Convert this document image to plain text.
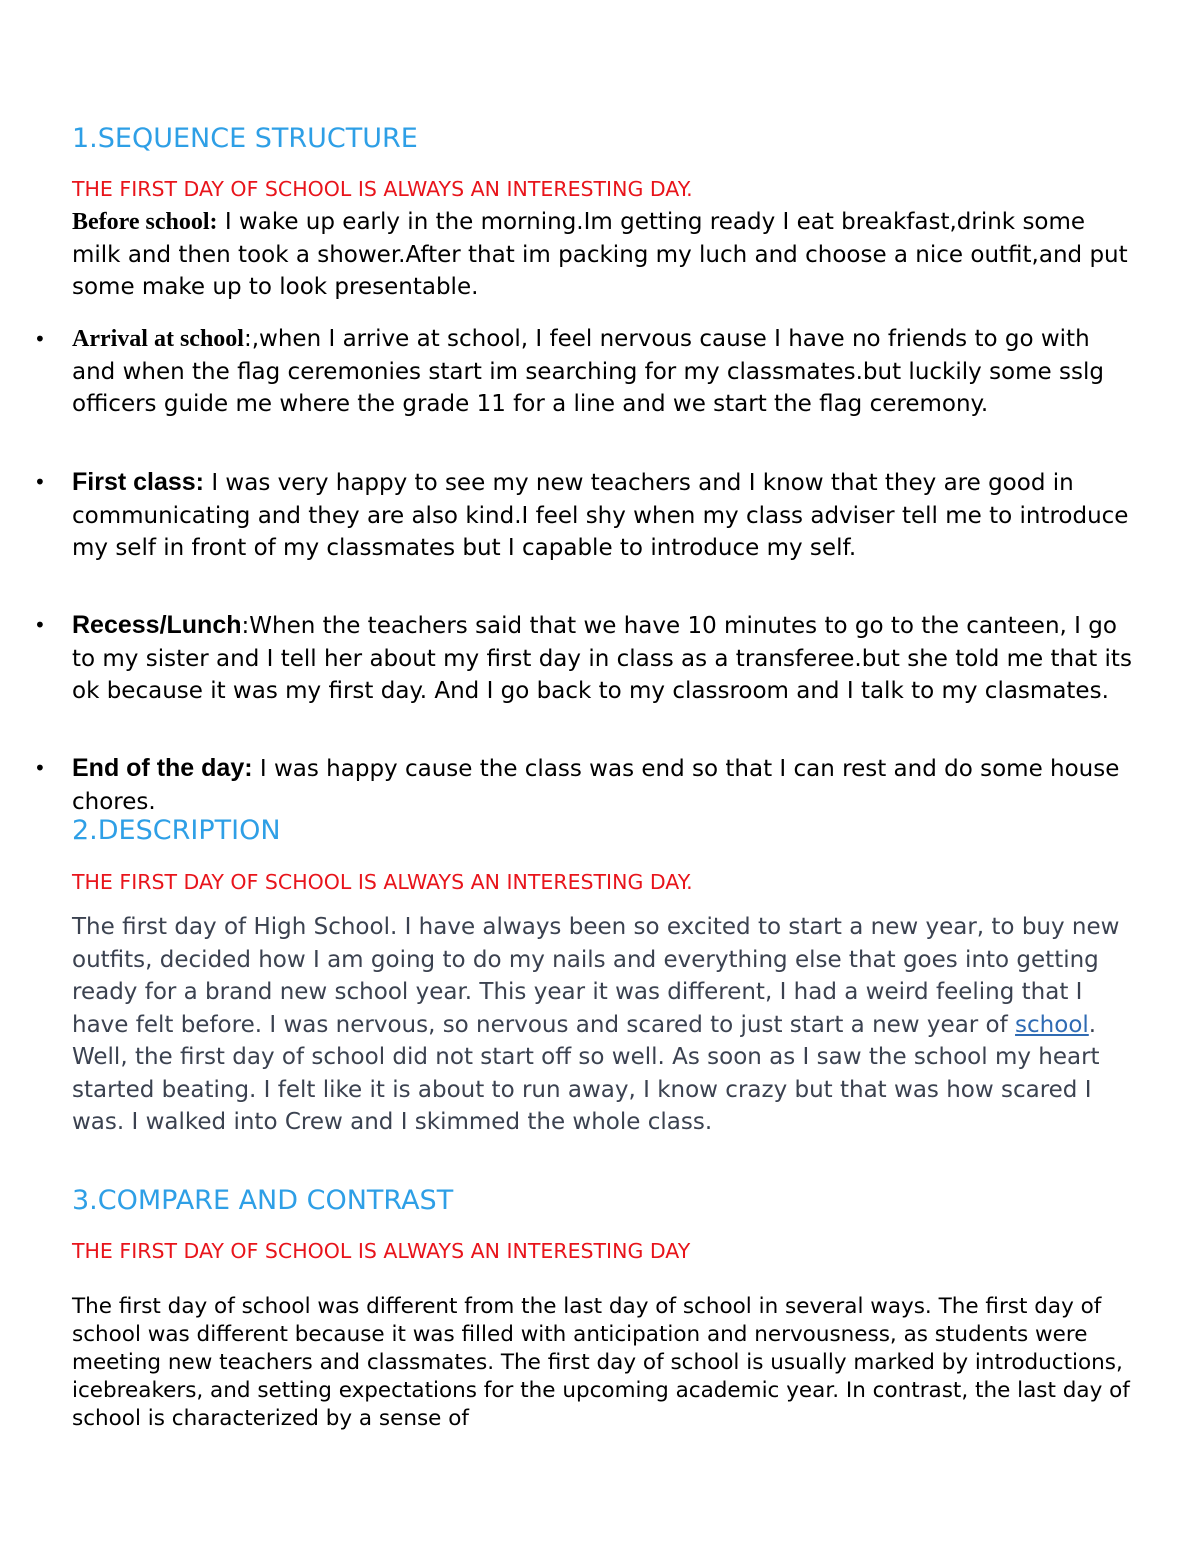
1.SEQUENCE STRUCTURE

THE FIRST DAY OF SCHOOL IS ALWAYS AN INTERESTING DAY.

Before school: I wake up early in the morning.Im getting ready I eat breakfast,drink some milk and then took a shower.After that im packing my luch and choose a nice outfit,and put some make up to look presentable.

• Arrival at school:,when I arrive at school, I feel nervous cause I have no friends to go with and when the flag ceremonies start im searching for my classmates.but luckily some sslg officers guide me where the grade 11 for a line and we start the flag ceremony.
• First class: I was very happy to see my new teachers and I know that they are good in communicating and they are also kind.I feel shy when my class adviser tell me to introduce my self in front of my classmates but I capable to introduce my self.
• Recess/Lunch:When the teachers said that we have 10 minutes to go to the canteen, I go to my sister and I tell her about my first day in class as a transferee.but she told me that its ok because it was my first day. And I go back to my classroom and I talk to my clasmates.
• End of the day: I was happy cause the class was end so that I can rest and do some house chores.
2.DESCRIPTION

THE FIRST DAY OF SCHOOL IS ALWAYS AN INTERESTING DAY.

The first day of High School. I have always been so excited to start a new year, to buy new outfits, decided how I am going to do my nails and everything else that goes into getting ready for a brand new school year. This year it was different, I had a weird feeling that I have felt before. I was nervous, so nervous and scared to just start a new year of school. Well, the first day of school did not start off so well. As soon as I saw the school my heart started beating. I felt like it is about to run away, I know crazy but that was how scared I was. I walked into Crew and I skimmed the whole class.

3.COMPARE AND CONTRAST

THE FIRST DAY OF SCHOOL IS ALWAYS AN INTERESTING DAY

The first day of school was different from the last day of school in several ways. The first day of school was different because it was filled with anticipation and nervousness, as students were meeting new teachers and classmates. The first day of school is usually marked by introductions, icebreakers, and setting expectations for the upcoming academic year. In contrast, the last day of school is characterized by a sense of
